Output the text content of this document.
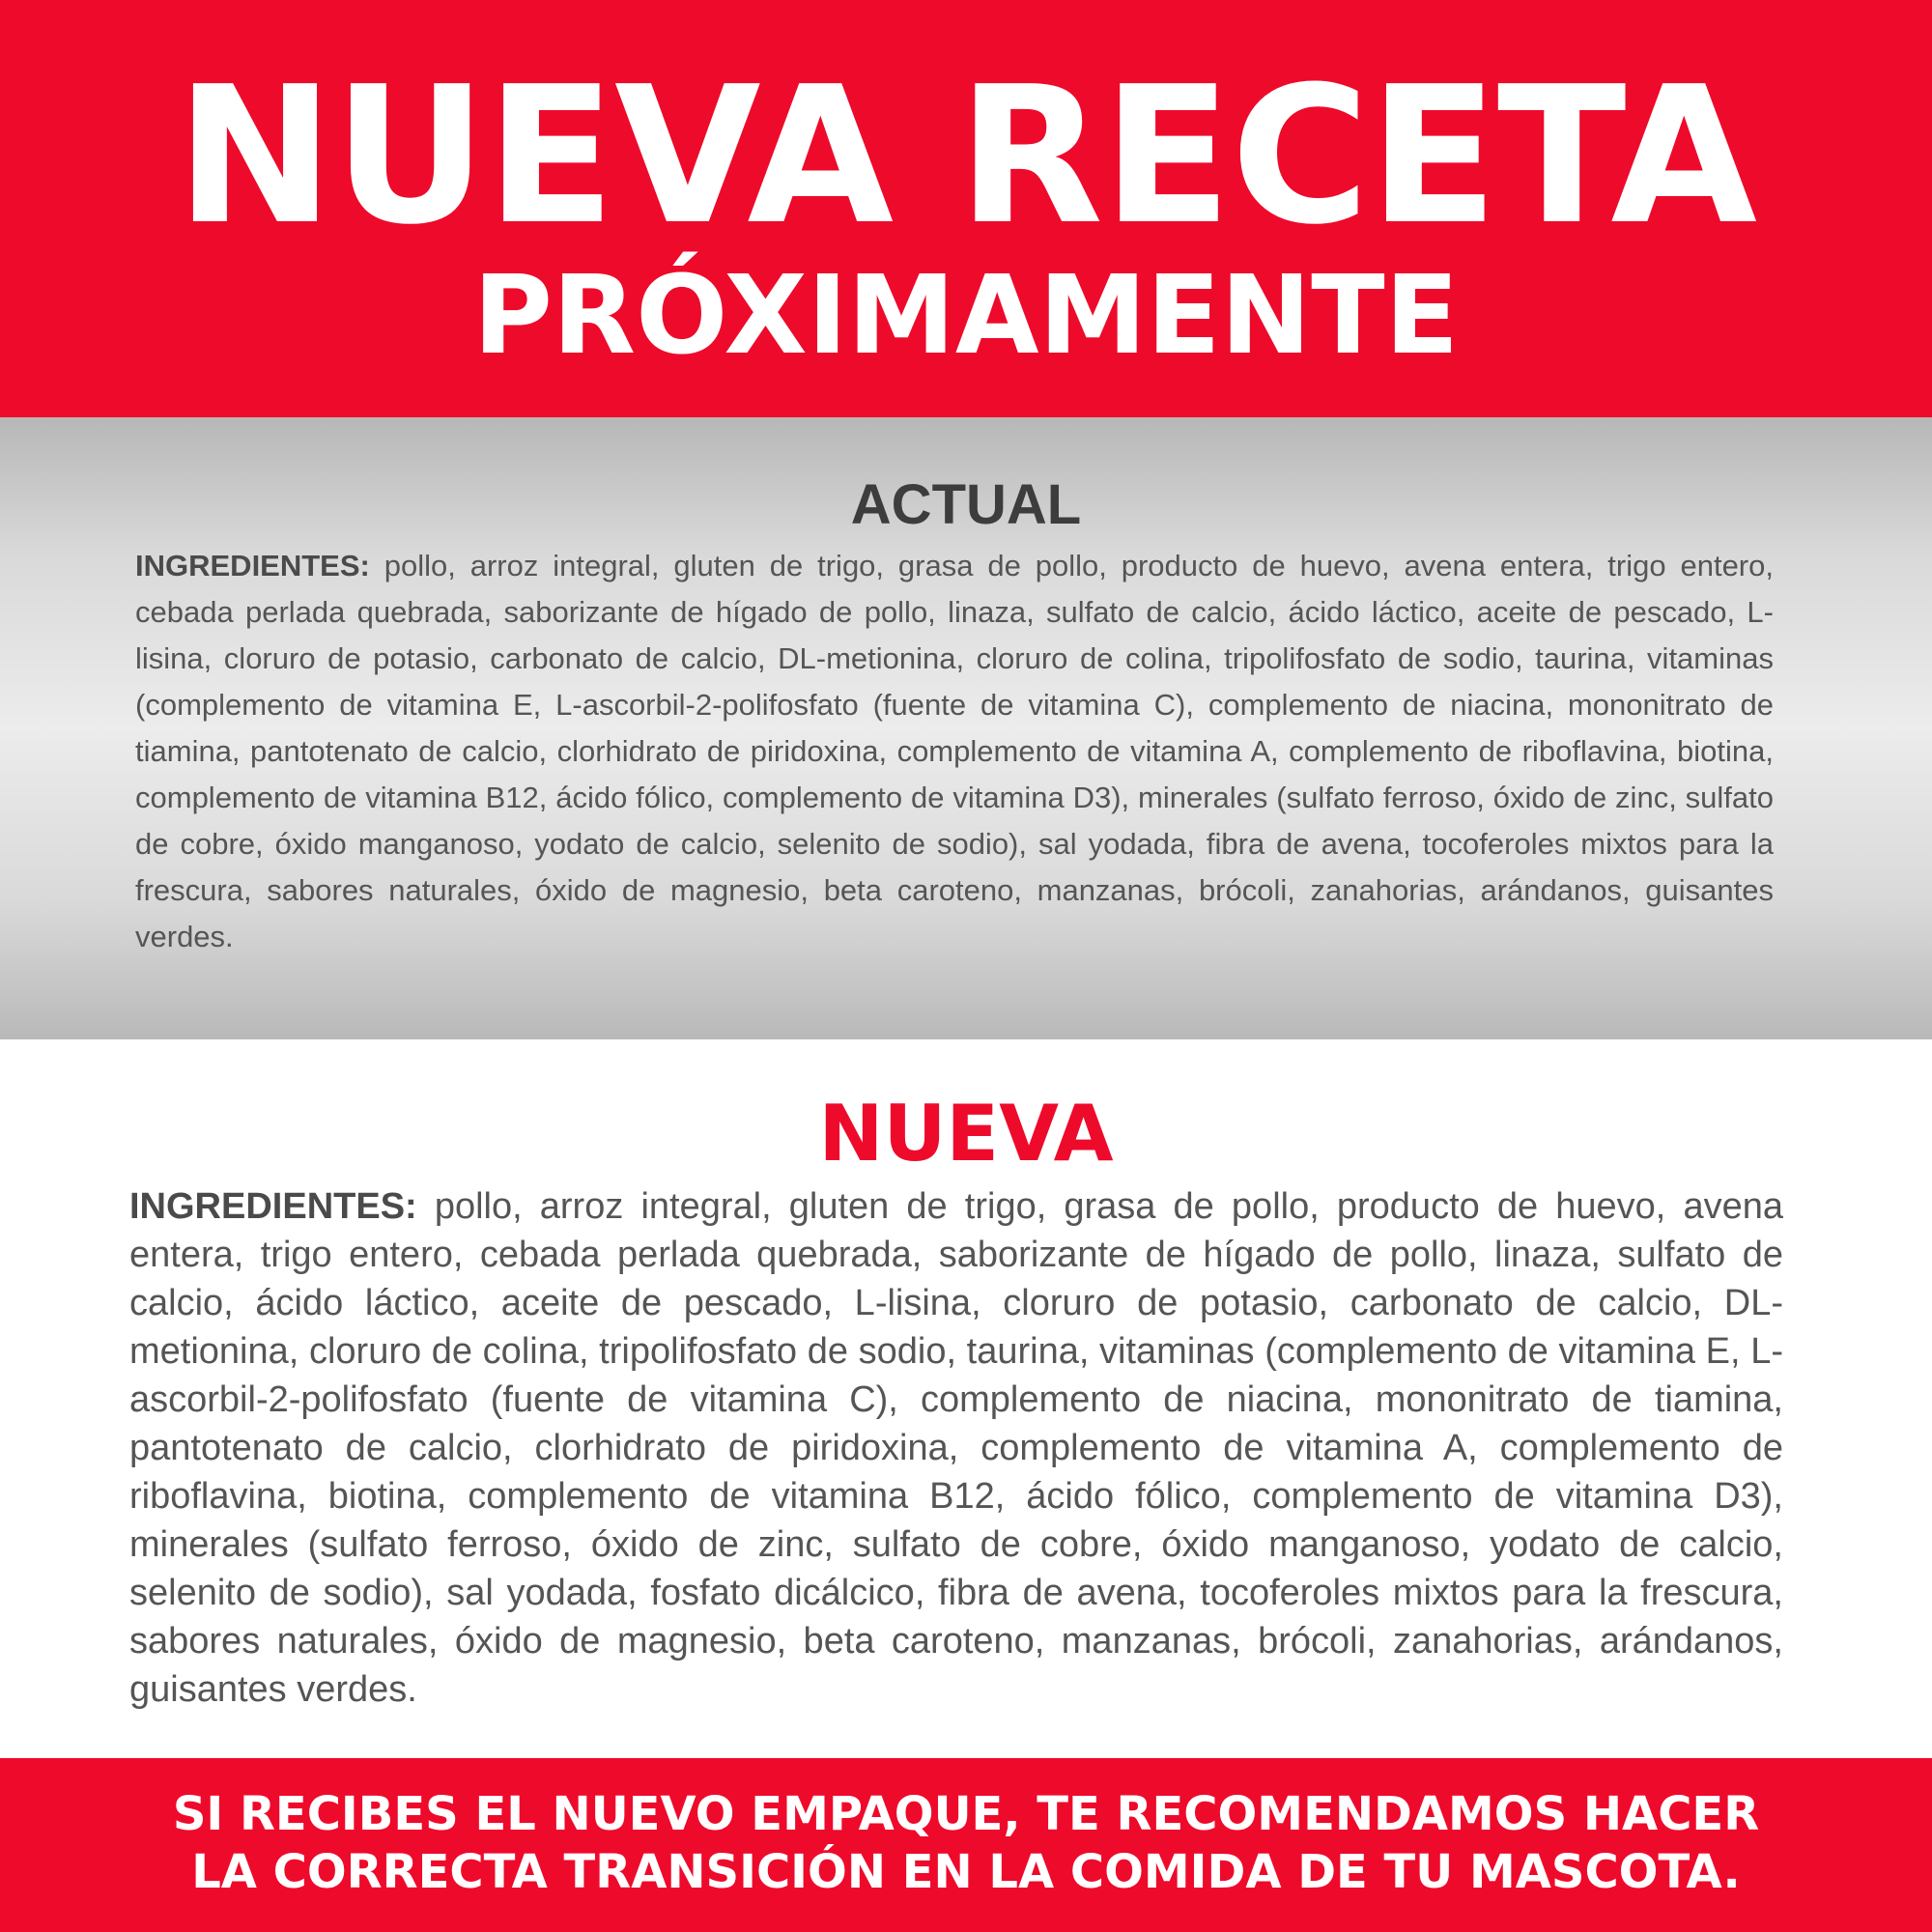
NUEVA RECETA
PRÓXIMAMENTE
ACTUAL
INGREDIENTES: pollo, arroz integral, gluten de trigo, grasa de pollo, producto de huevo, avena entera, trigo entero, cebada perlada quebrada, saborizante de hígado de pollo, linaza, sulfato de calcio, ácido láctico, aceite de pescado, L-lisina, cloruro de potasio, carbonato de calcio, DL-metionina, cloruro de colina, tripolifosfato de sodio, taurina, vitaminas (complemento de vitamina E, L-ascorbil-2-polifosfato (fuente de vitamina C), complemento de niacina, mononitrato de tiamina, pantotenato de calcio, clorhidrato de piridoxina, complemento de vitamina A, complemento de riboflavina, biotina, complemento de vitamina B12, ácido fólico, complemento de vitamina D3), minerales (sulfato ferroso, óxido de zinc, sulfato de cobre, óxido manganoso, yodato de calcio, selenito de sodio), sal yodada, fibra de avena, tocoferoles mixtos para la frescura, sabores naturales, óxido de magnesio, beta caroteno, manzanas, brócoli, zanahorias, arándanos, guisantes verdes.
NUEVA
INGREDIENTES: pollo, arroz integral, gluten de trigo, grasa de pollo, producto de huevo, avena entera, trigo entero, cebada perlada quebrada, saborizante de hígado de pollo, linaza, sulfato de calcio, ácido láctico, aceite de pescado, L-lisina, cloruro de potasio, carbonato de calcio, DL-metionina, cloruro de colina, tripolifosfato de sodio, taurina, vitaminas (complemento de vitamina E, L-ascorbil-2-polifosfato (fuente de vitamina C), complemento de niacina, mononitrato de tiamina, pantotenato de calcio, clorhidrato de piridoxina, complemento de vitamina A, complemento de riboflavina, biotina, complemento de vitamina B12, ácido fólico, complemento de vitamina D3), minerales (sulfato ferroso, óxido de zinc, sulfato de cobre, óxido manganoso, yodato de calcio, selenito de sodio), sal yodada, fosfato dicálcico, fibra de avena, tocoferoles mixtos para la frescura, sabores naturales, óxido de magnesio, beta caroteno, manzanas, brócoli, zanahorias, arándanos, guisantes verdes.
SI RECIBES EL NUEVO EMPAQUE, TE RECOMENDAMOS HACER
LA CORRECTA TRANSICIÓN EN LA COMIDA DE TU MASCOTA.
